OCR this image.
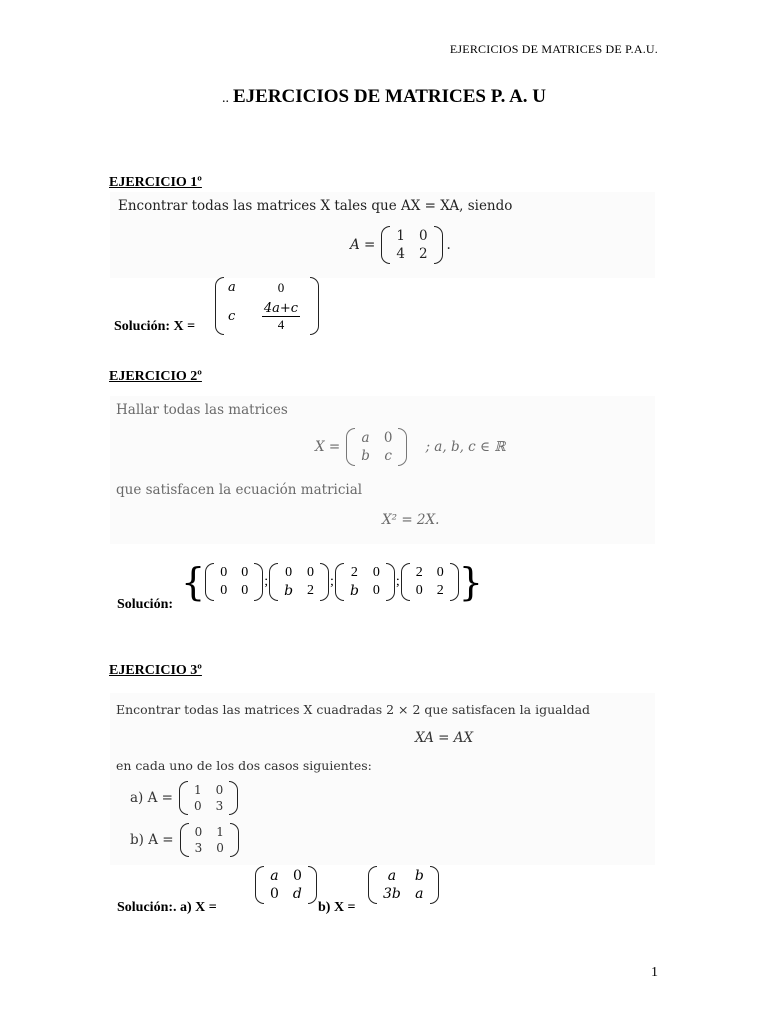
EJERCICIOS DE MATRICES DE P.A.U.
.. EJERCICIOS DE MATRICES P. A. U
EJERCICIO 1º
Encontrar todas las matrices X tales que AX = XA, siendo
A =
1 0
4 2
.
Solución: X =
a	0
c	$\frac{4a+c}{4}$
EJERCICIO 2º
Hallar todas las matrices
X =
a 0
b c
; a, b, c ∈ ℝ
que satisfacen la ecuación matricial
X² = 2X.
Solución:
{ 0 0
0 0
;
0 0
b 2
;
2 0
b 0
;
2 0
0 2 }
EJERCICIO 3º
Encontrar todas las matrices X cuadradas 2 × 2 que satisfacen la igualdad
XA = AX
en cada uno de los dos casos siguientes:
a) A = 1 0
0 3
b) A = 0 1
3 0
Solución:. a) X =
a 0
0 d
b) X =
a	b
3b a
1
